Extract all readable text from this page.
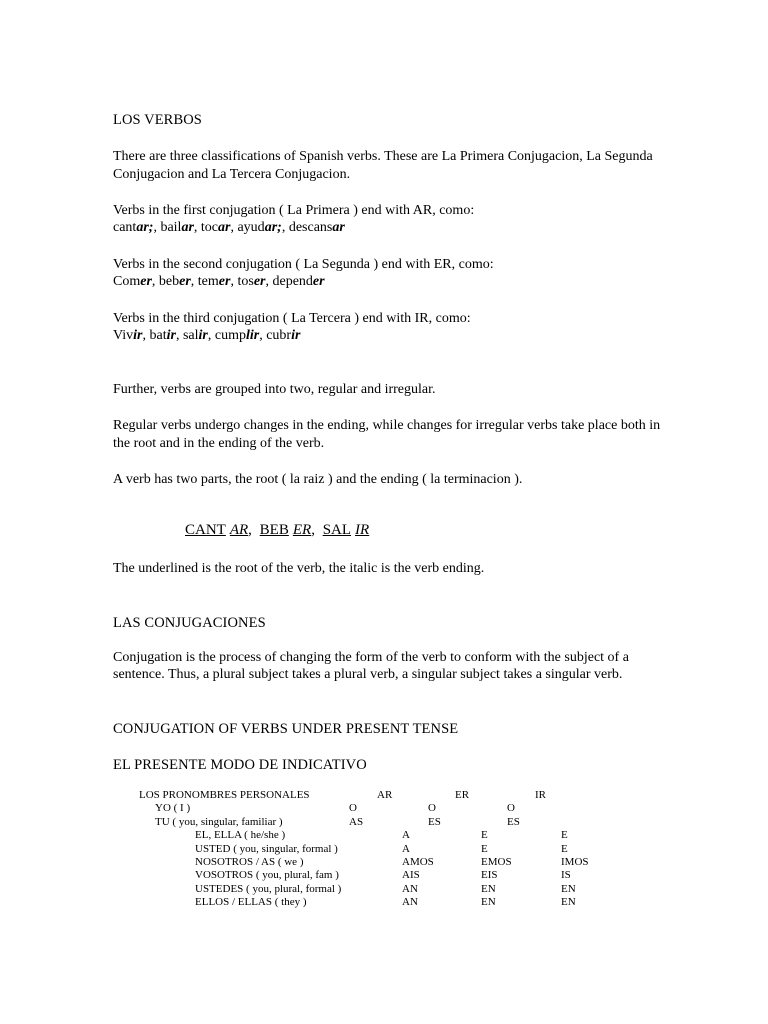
LOS VERBOS

There are three classifications of Spanish verbs. These are La Primera Conjugacion, La Segunda Conjugacion and La Tercera Conjugacion.

Verbs in the first conjugation ( La Primera ) end with AR, como:

cantar;, bailar, tocar, ayudar;, descansar

Verbs in the second conjugation ( La Segunda ) end with ER, como:

Comer, beber, temer, toser, depender

Verbs in the third conjugation ( La Tercera ) end with IR, como:

Vivir, batir, salir, cumplir, cubrir

Further, verbs are grouped into two, regular and irregular.

Regular verbs undergo changes in the ending, while changes for irregular verbs take place both in the root and in the ending of the verb.

A verb has two parts, the root ( la raiz ) and the ending ( la terminacion ).

CANT AR, BEB ER, SAL IR

The underlined is the root of the verb, the italic is the verb ending.

LAS CONJUGACIONES

Conjugation is the process of changing the form of the verb to conform with the subject of a sentence. Thus, a plural subject takes a plural verb, a singular subject takes a singular verb.

CONJUGATION OF VERBS UNDER PRESENT TENSE

EL PRESENTE MODO DE INDICATIVO

LOS PRONOMBRES PERSONALES	AR	ER	IR
YO ( I )	O	O	O
TU ( you, singular, familiar )	AS	ES	ES
EL, ELLA ( he/she )	A	E	E
USTED ( you, singular, formal )	A	E	E
NOSOTROS / AS ( we )	AMOS	EMOS	IMOS
VOSOTROS ( you, plural, fam )	AIS	EIS	IS
USTEDES ( you, plural, formal )	AN	EN	EN
ELLOS / ELLAS ( they )	AN	EN	EN
